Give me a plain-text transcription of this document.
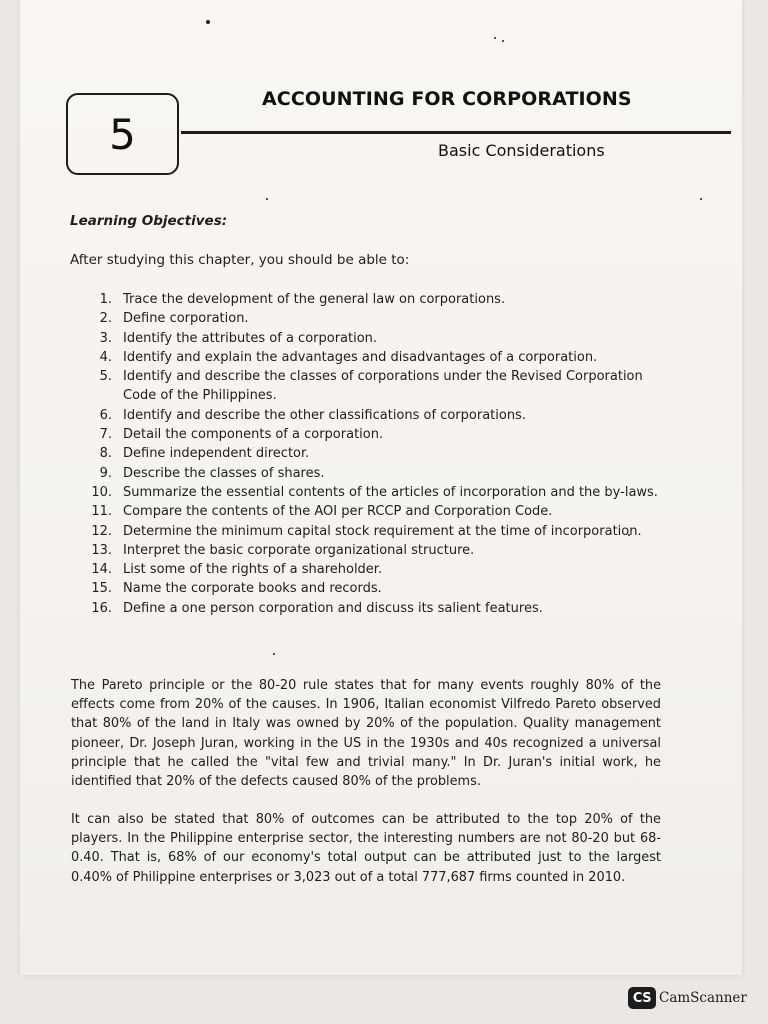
5
ACCOUNTING FOR CORPORATIONS
Basic Considerations
Learning Objectives:
After studying this chapter, you should be able to:
1. Trace the development of the general law on corporations.
2. Define corporation.
3. Identify the attributes of a corporation.
4. Identify and explain the advantages and disadvantages of a corporation.
5. Identify and describe the classes of corporations under the Revised Corporation Code of the Philippines.
6. Identify and describe the other classifications of corporations.
7. Detail the components of a corporation.
8. Define independent director.
9. Describe the classes of shares.
10. Summarize the essential contents of the articles of incorporation and the by-laws.
11. Compare the contents of the AOI per RCCP and Corporation Code.
12. Determine the minimum capital stock requirement at the time of incorporation.
13. Interpret the basic corporate organizational structure.
14. List some of the rights of a shareholder.
15. Name the corporate books and records.
16. Define a one person corporation and discuss its salient features.

The Pareto principle or the 80-20 rule states that for many events roughly 80% of the effects come from 20% of the causes. In 1906, Italian economist Vilfredo Pareto observed that 80% of the land in Italy was owned by 20% of the population. Quality management pioneer, Dr. Joseph Juran, working in the US in the 1930s and 40s recognized a universal principle that he called the "vital few and trivial many." In Dr. Juran's initial work, he identified that 20% of the defects caused 80% of the problems.

It can also be stated that 80% of outcomes can be attributed to the top 20% of the players. In the Philippine enterprise sector, the interesting numbers are not 80-20 but 68-0.40. That is, 68% of our economy's total output can be attributed just to the largest 0.40% of Philippine enterprises or 3,023 out of a total 777,687 firms counted in 2010.

CS CamScanner
